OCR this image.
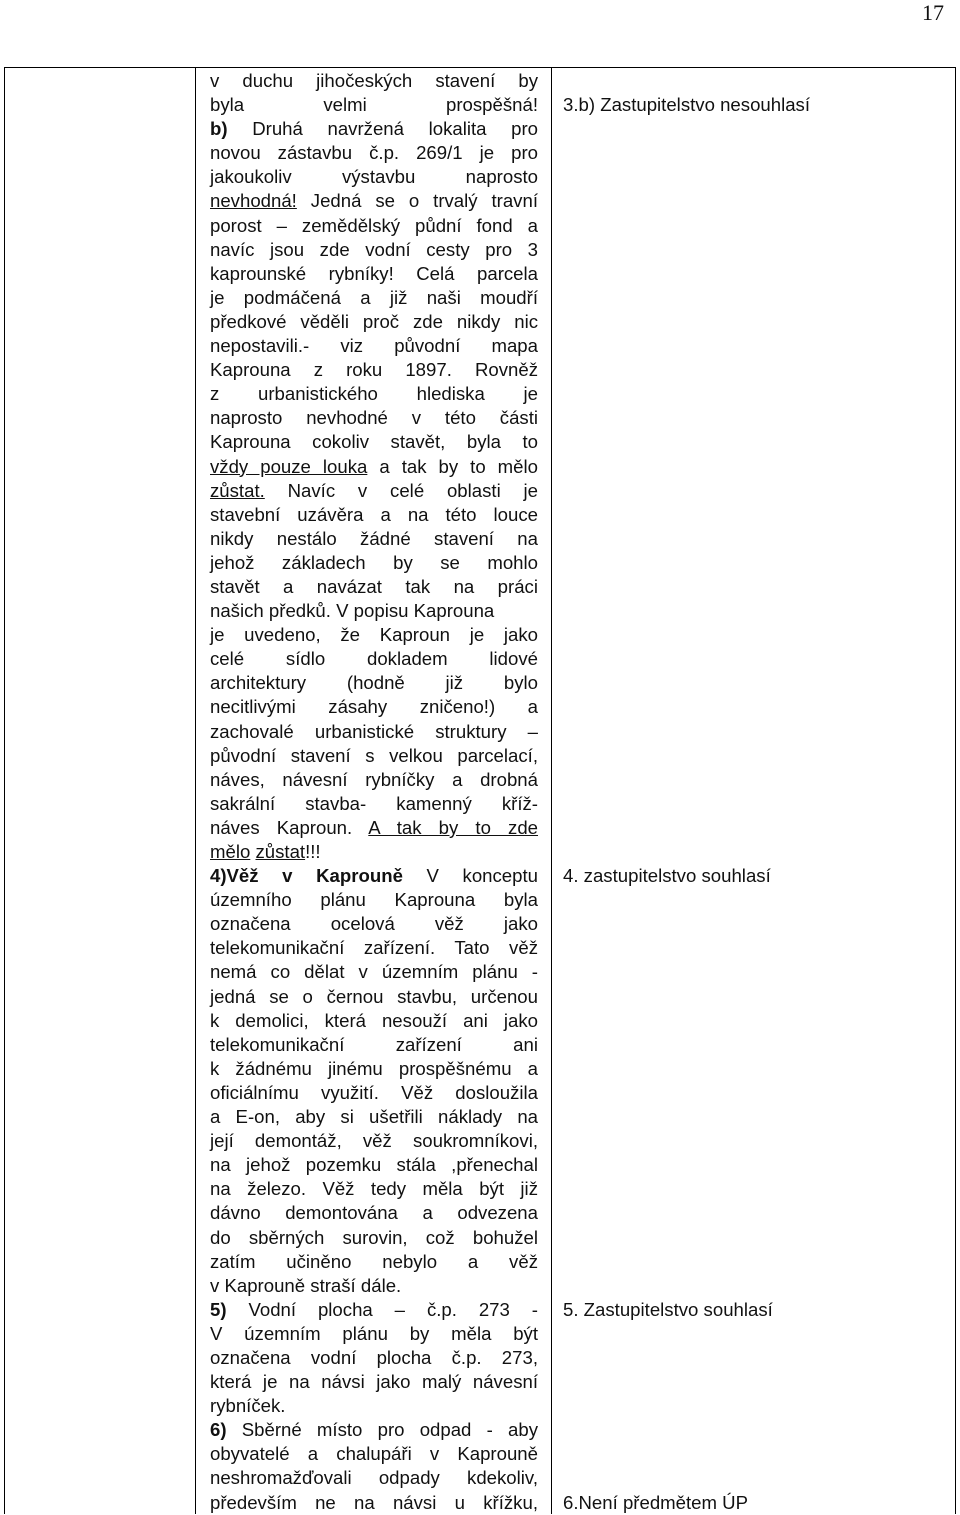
17
v duchu jihočeských stavení by
byla velmi prospěšná!
b) Druhá navržená lokalita pro
novou zástavbu č.p. 269/1 je pro
jakoukoliv výstavbu naprosto
nevhodná! Jedná se o trvalý travní
porost – zemědělský půdní fond a
navíc jsou zde vodní cesty pro 3
kaprounské rybníky! Celá parcela
je podmáčená a již naši moudří
předkové věděli proč zde nikdy nic
nepostavili.- viz původní mapa
Kaprouna z roku 1897. Rovněž
z urbanistického hlediska je
naprosto nevhodné v této části
Kaprouna cokoliv stavět, byla to
vždy pouze louka a tak by to mělo
zůstat. Navíc v celé oblasti je
stavební uzávěra a na této louce
nikdy nestálo žádné stavení na
jehož základech by se mohlo
stavět a navázat tak na práci
našich předků. V popisu Kaprouna
je uvedeno, že Kaproun je jako
celé sídlo dokladem lidové
architektury (hodně již bylo
necitlivými zásahy zničeno!) a
zachovalé urbanistické struktury –
původní stavení s velkou parcelací,
náves, návesní rybníčky a drobná
sakrální stavba- kamenný kříž-
náves Kaproun. A tak by to zde
mělo zůstat!!!
4)Věž v Kaprouně V konceptu
územního plánu Kaprouna byla
označena ocelová věž jako
telekomunikační zařízení. Tato věž
nemá co dělat v územním plánu -
jedná se o černou stavbu, určenou
k demolici, která nesouží ani jako
telekomunikační zařízení ani
k žádnému jinému prospěšnému a
oficiálnímu využití. Věž dosloužila
a E-on, aby si ušetřili náklady na
její demontáž, věž soukromníkovi,
na jehož pozemku stála ,přenechal
na železo. Věž tedy měla být již
dávno demontována a odvezena
do sběrných surovin, což bohužel
zatím učiněno nebylo a věž
v Kaprouně straší dále.
5) Vodní plocha – č.p. 273 -
V územním plánu by měla být
označena vodní plocha č.p. 273,
která je na návsi jako malý návesní
rybníček.
6) Sběrné místo pro odpad - aby
obyvatelé a chalupáři v Kaprouně
neshromažďovali odpady kdekoliv,
především ne na návsi u křížku,
3.b) Zastupitelstvo nesouhlasí
4. zastupitelstvo souhlasí
5. Zastupitelstvo souhlasí
6.Není předmětem ÚP
